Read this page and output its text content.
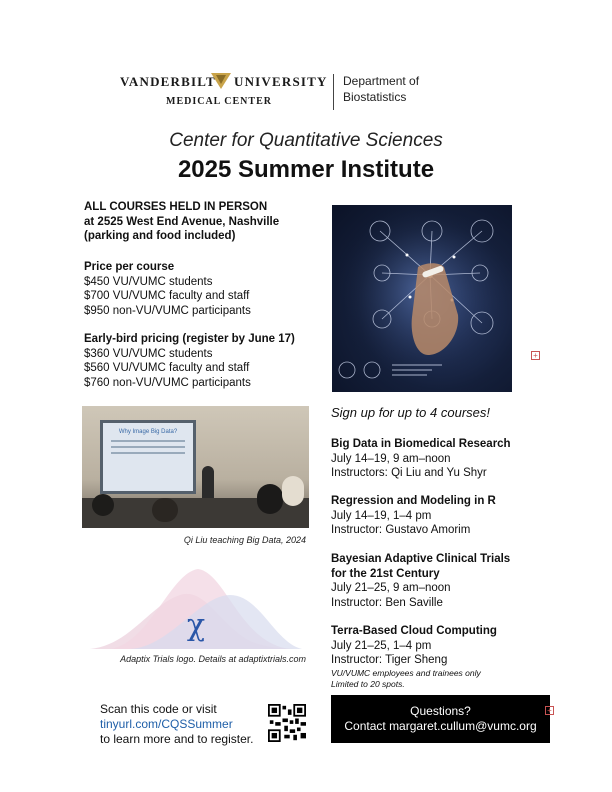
VANDERBILT UNIVERSITY
MEDICAL CENTER
Department of
Biostatistics
Center for Quantitative Sciences
2025 Summer Institute
ALL COURSES HELD IN PERSON
at 2525 West End Avenue, Nashville
(parking and food included)
Price per course
$450 VU/VUMC students
$700 VU/VUMC faculty and staff
$950 non-VU/VUMC participants
Early-bird pricing (register by June 17)
$360 VU/VUMC students
$560 VU/VUMC faculty and staff
$760 non-VU/VUMC participants
Why Image Big Data?
Qi Liu teaching Big Data, 2024
χ
Adaptix Trials logo. Details at adaptixtrials.com
Scan this code or visit
tinyurl.com/CQSSummer
to learn more and to register.
+
Sign up for up to 4 courses!
Big Data in Biomedical Research
July 14–19, 9 am–noon
Instructors: Qi Liu and Yu Shyr
Regression and Modeling in R
July 14–19, 1–4 pm
Instructor: Gustavo Amorim
Bayesian Adaptive Clinical Trials
for the 21st Century
July 21–25, 9 am–noon
Instructor: Ben Saville
Terra-Based Cloud Computing
July 21–25, 1–4 pm
Instructor: Tiger Sheng
VU/VUMC employees and trainees only
Limited to 20 spots.
Questions?
Contact margaret.cullum@vumc.org
+
